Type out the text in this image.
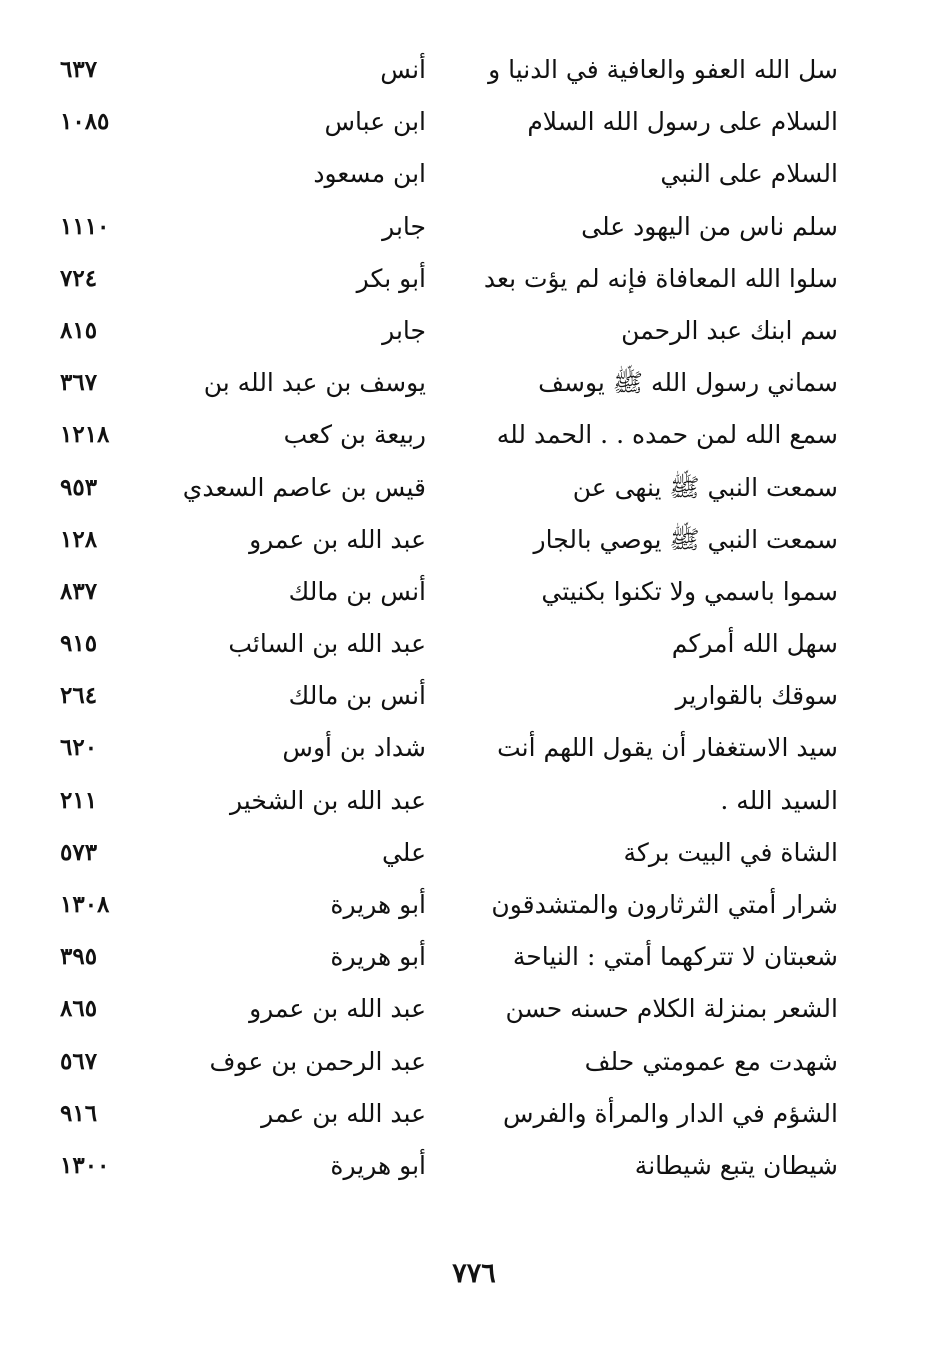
سل الله العفو والعافية في الدنيا و
أنس
٦٣٧
السلام على رسول الله السلام
ابن عباس
١٠٨٥
السلام على النبي
ابن مسعود
سلم ناس من اليهود على
جابر
١١١٠
سلوا الله المعافاة فإنه لم يؤت بعد
أبو بكر
٧٢٤
سم ابنك عبد الرحمن
جابر
٨١٥
سماني رسول الله ﷺ يوسف
يوسف بن عبد الله بن
٣٦٧
سمع الله لمن حمده . . الحمد لله
ربيعة بن كعب
١٢١٨
سمعت النبي ﷺ ينهى عن
قيس بن عاصم السعدي
٩٥٣
سمعت النبي ﷺ يوصي بالجار
عبد الله بن عمرو
١٢٨
سموا باسمي ولا تكنوا بكنيتي
أنس بن مالك
٨٣٧
سهل الله أمركم
عبد الله بن السائب
٩١٥
سوقك بالقوارير
أنس بن مالك
٢٦٤
سيد الاستغفار أن يقول اللهم أنت
شداد بن أوس
٦٢٠
السيد الله .
عبد الله بن الشخير
٢١١
الشاة في البيت بركة
علي
٥٧٣
شرار أمتي الثرثارون والمتشدقون
أبو هريرة
١٣٠٨
شعبتان لا تتركهما أمتي : النياحة
أبو هريرة
٣٩٥
الشعر بمنزلة الكلام حسنه حسن
عبد الله بن عمرو
٨٦٥
شهدت مع عمومتي حلف
عبد الرحمن بن عوف
٥٦٧
الشؤم في الدار والمرأة والفرس
عبد الله بن عمر
٩١٦
شيطان يتبع شيطانة
أبو هريرة
١٣٠٠
٧٧٦
